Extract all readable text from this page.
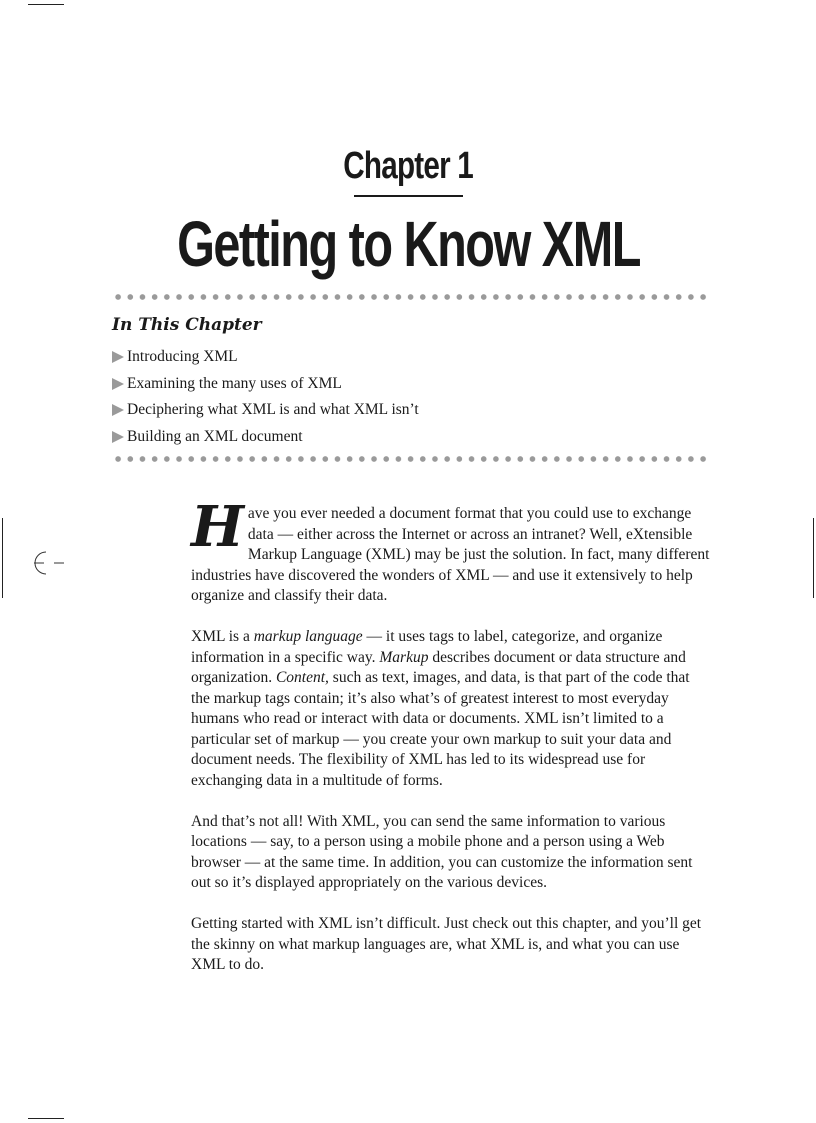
Chapter 1
Getting to Know XML
In This Chapter
Introducing XML
Examining the many uses of XML
Deciphering what XML is and what XML isn’t
Building an XML document

Have you ever needed a document format that you could use to exchange data — either across the Internet or across an intranet? Well, eXtensible Markup Language (XML) may be just the solution. In fact, many different industries have discovered the wonders of XML — and use it extensively to help organize and classify their data.

XML is a markup language — it uses tags to label, categorize, and organize information in a specific way. Markup describes document or data structure and organization. Content, such as text, images, and data, is that part of the code that the markup tags contain; it’s also what’s of greatest interest to most everyday humans who read or interact with data or documents. XML isn’t limited to a particular set of markup — you create your own markup to suit your data and document needs. The flexibility of XML has led to its widespread use for exchanging data in a multitude of forms.

And that’s not all! With XML, you can send the same information to various locations — say, to a person using a mobile phone and a person using a Web browser — at the same time. In addition, you can customize the information sent out so it’s displayed appropriately on the various devices.

Getting started with XML isn’t difficult. Just check out this chapter, and you’ll get the skinny on what markup languages are, what XML is, and what you can use XML to do.
